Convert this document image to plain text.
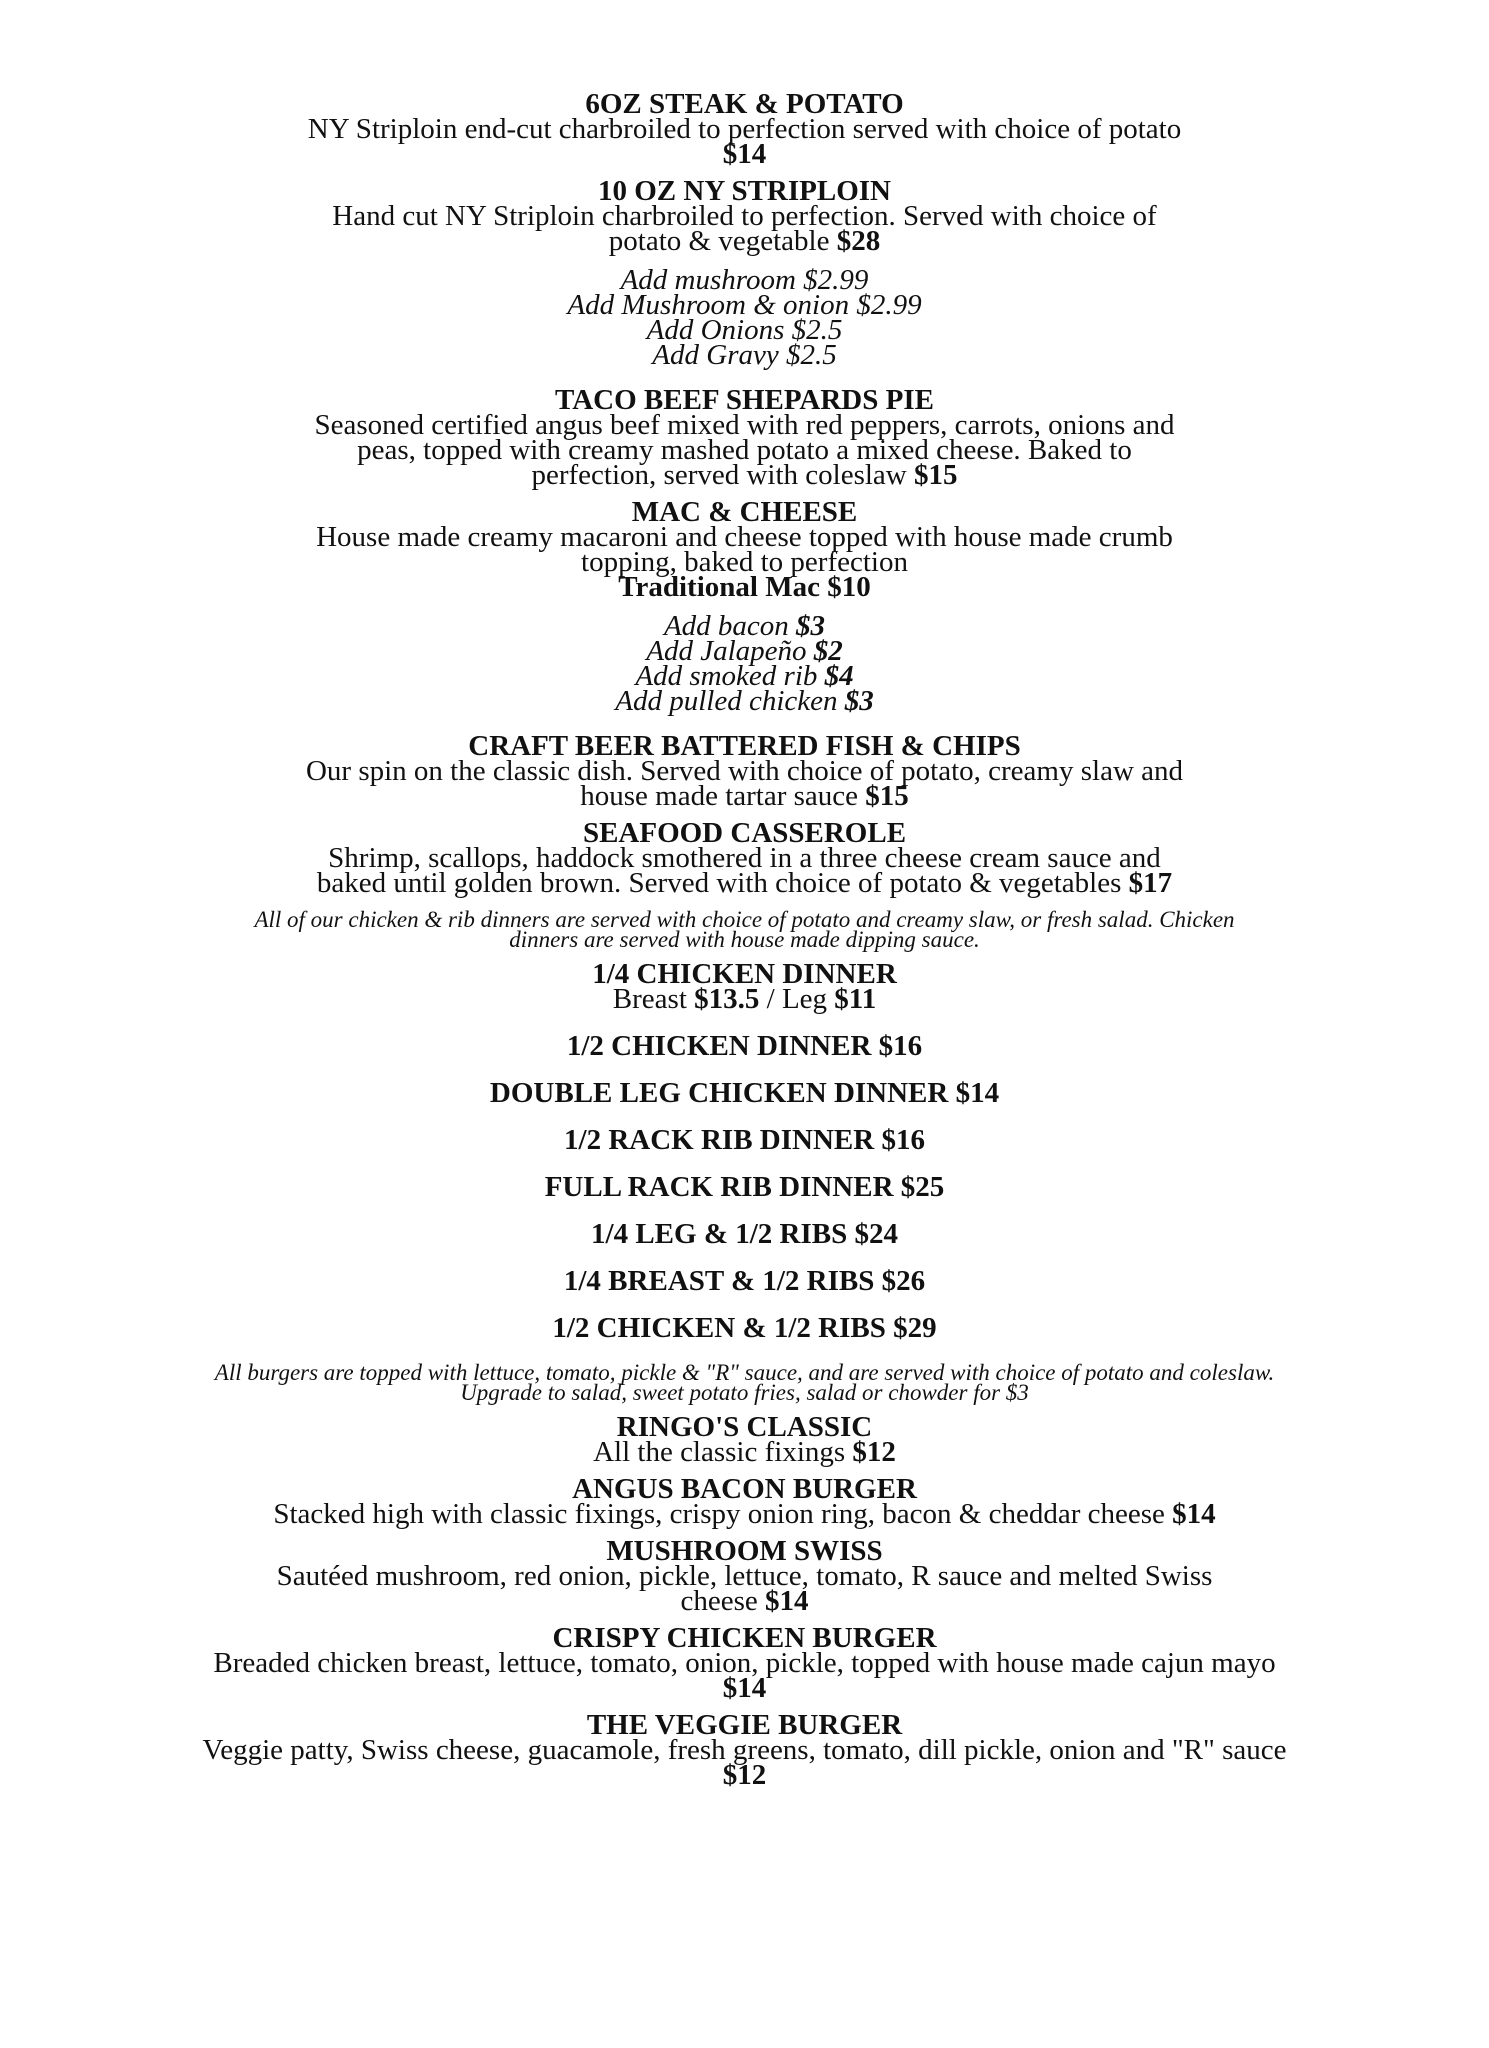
6OZ STEAK & POTATO
NY Striploin end-cut charbroiled to perfection served with choice of potato $14
10 OZ NY STRIPLOIN
Hand cut NY Striploin charbroiled to perfection. Served with choice of potato & vegetable $28
Add mushroom $2.99
Add Mushroom & onion $2.99
Add Onions $2.5
Add Gravy $2.5
TACO BEEF SHEPARDS PIE
Seasoned certified angus beef mixed with red peppers, carrots, onions and peas, topped with creamy mashed potato a mixed cheese. Baked to perfection, served with coleslaw $15
MAC & CHEESE
House made creamy macaroni and cheese topped with house made crumb topping, baked to perfection
Traditional Mac $10
Add bacon $3
Add Jalapeño $2
Add smoked rib $4
Add pulled chicken $3
CRAFT BEER BATTERED FISH & CHIPS
Our spin on the classic dish. Served with choice of potato, creamy slaw and house made tartar sauce $15
SEAFOOD CASSEROLE
Shrimp, scallops, haddock smothered in a three cheese cream sauce and baked until golden brown. Served with choice of potato & vegetables $17
All of our chicken & rib dinners are served with choice of potato and creamy slaw, or fresh salad. Chicken dinners are served with house made dipping sauce.
1/4 CHICKEN DINNER
Breast $13.5 / Leg $11
1/2 CHICKEN DINNER $16
DOUBLE LEG CHICKEN DINNER $14
1/2 RACK RIB DINNER $16
FULL RACK RIB DINNER $25
1/4 LEG & 1/2 RIBS $24
1/4 BREAST & 1/2 RIBS $26
1/2 CHICKEN & 1/2 RIBS $29
All burgers are topped with lettuce, tomato, pickle & "R" sauce, and are served with choice of potato and coleslaw. Upgrade to salad, sweet potato fries, salad or chowder for $3
RINGO'S CLASSIC
All the classic fixings $12
ANGUS BACON BURGER
Stacked high with classic fixings, crispy onion ring, bacon & cheddar cheese $14
MUSHROOM SWISS
Sautéed mushroom, red onion, pickle, lettuce, tomato, R sauce and melted Swiss cheese $14
CRISPY CHICKEN BURGER
Breaded chicken breast, lettuce, tomato, onion, pickle, topped with house made cajun mayo $14
THE VEGGIE BURGER
Veggie patty, Swiss cheese, guacamole, fresh greens, tomato, dill pickle, onion and "R" sauce $12
